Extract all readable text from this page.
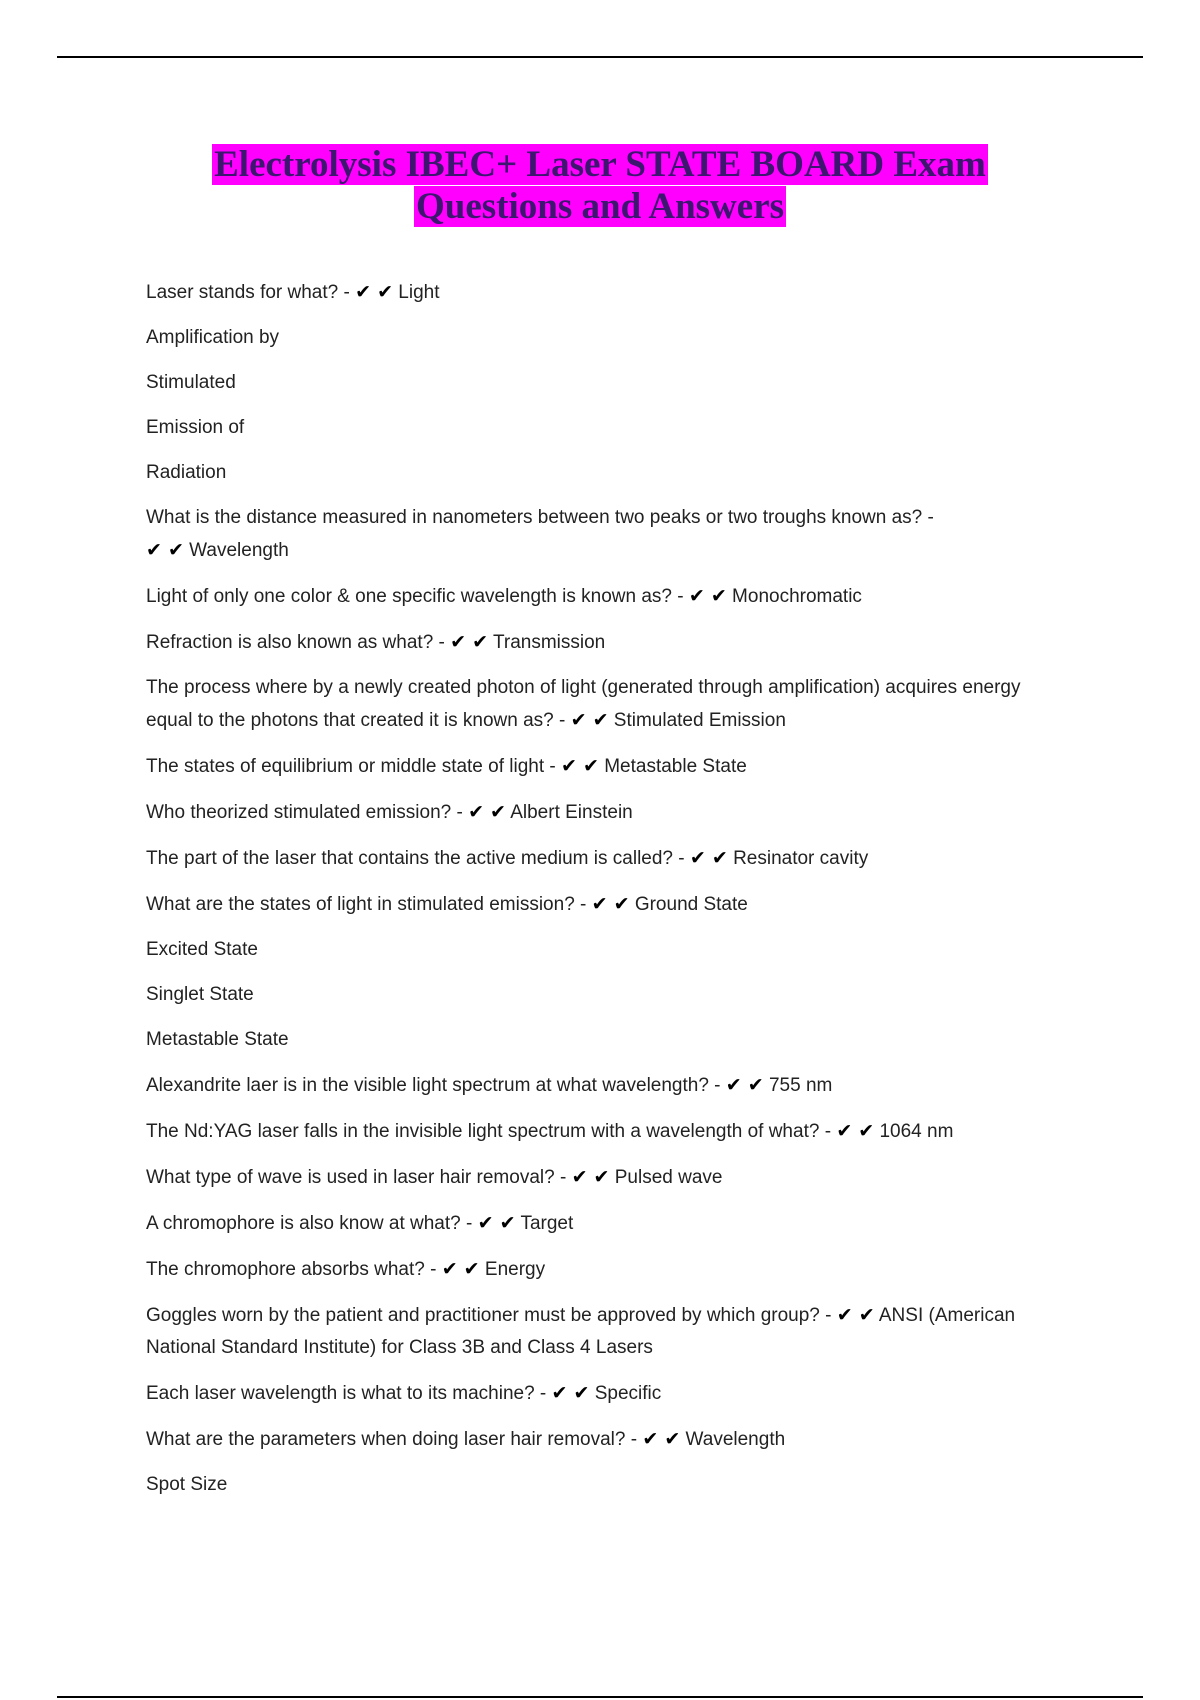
Electrolysis IBEC+ Laser STATE BOARD Exam
Questions and Answers

Laser stands for what? - ✔ ✔ Light

Amplification by

Stimulated

Emission of

Radiation

What is the distance measured in nanometers between two peaks or two troughs known as? -
✔ ✔ Wavelength

Light of only one color & one specific wavelength is known as? - ✔ ✔ Monochromatic

Refraction is also known as what? - ✔ ✔ Transmission

The process where by a newly created photon of light (generated through amplification) acquires energy equal to the photons that created it is known as? - ✔ ✔ Stimulated Emission

The states of equilibrium or middle state of light - ✔ ✔ Metastable State

Who theorized stimulated emission? - ✔ ✔ Albert Einstein

The part of the laser that contains the active medium is called? - ✔ ✔ Resinator cavity

What are the states of light in stimulated emission? - ✔ ✔ Ground State

Excited State

Singlet State

Metastable State

Alexandrite laer is in the visible light spectrum at what wavelength? - ✔ ✔ 755 nm

The Nd:YAG laser falls in the invisible light spectrum with a wavelength of what? - ✔ ✔ 1064 nm

What type of wave is used in laser hair removal? - ✔ ✔ Pulsed wave

A chromophore is also know at what? - ✔ ✔ Target

The chromophore absorbs what? - ✔ ✔ Energy

Goggles worn by the patient and practitioner must be approved by which group? - ✔ ✔ ANSI (American National Standard Institute) for Class 3B and Class 4 Lasers

Each laser wavelength is what to its machine? - ✔ ✔ Specific

What are the parameters when doing laser hair removal? - ✔ ✔ Wavelength

Spot Size
